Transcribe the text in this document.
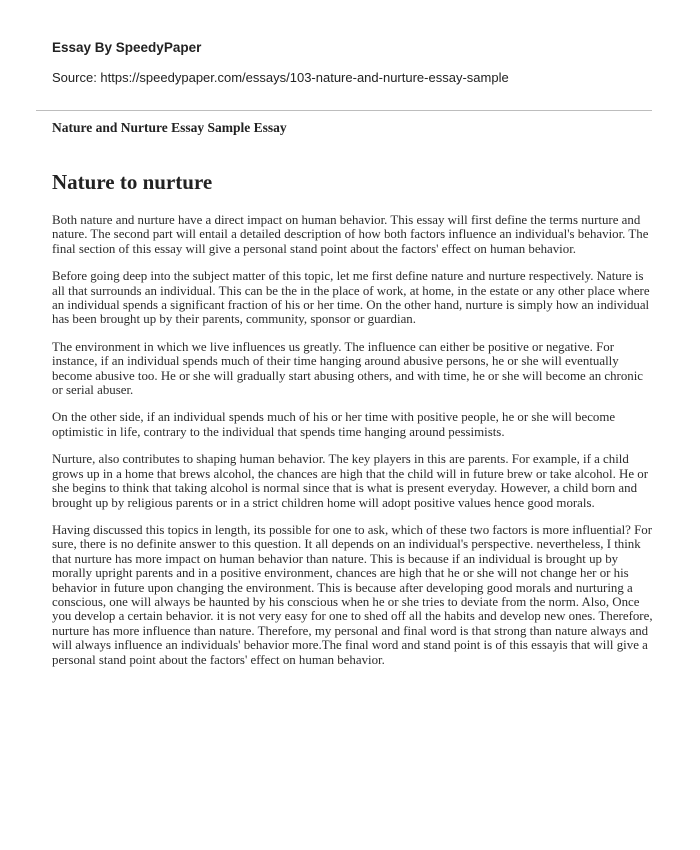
Essay By SpeedyPaper
Source: https://speedypaper.com/essays/103-nature-and-nurture-essay-sample
Nature and Nurture Essay Sample Essay
Nature to nurture

Both nature and nurture have a direct impact on human behavior. This essay will first define the terms nurture and nature. The second part will entail a detailed description of how both factors influence an individual's behavior. The final section of this essay will give a personal stand point about the factors' effect on human behavior.

Before going deep into the subject matter of this topic, let me first define nature and nurture respectively. Nature is all that surrounds an individual. This can be the in the place of work, at home, in the estate or any other place where an individual spends a significant fraction of his or her time. On the other hand, nurture is simply how an individual has been brought up by their parents, community, sponsor or guardian.

The environment in which we live influences us greatly. The influence can either be positive or negative. For instance, if an individual spends much of their time hanging around abusive persons, he or she will eventually become abusive too. He or she will gradually start abusing others, and with time, he or she will become an chronic or serial abuser.

On the other side, if an individual spends much of his or her time with positive people, he or she will become optimistic in life, contrary to the individual that spends time hanging around pessimists.

Nurture, also contributes to shaping human behavior. The key players in this are parents. For example, if a child grows up in a home that brews alcohol, the chances are high that the child will in future brew or take alcohol. He or she begins to think that taking alcohol is normal since that is what is present everyday. However, a child born and brought up by religious parents or in a strict children home will adopt positive values hence good morals.

Having discussed this topics in length, its possible for one to ask, which of these two factors is more influential? For sure, there is no definite answer to this question. It all depends on an individual's perspective. nevertheless, I think that nurture has more impact on human behavior than nature. This is because if an individual is brought up by morally upright parents and in a positive environment, chances are high that he or she will not change her or his behavior in future upon changing the environment. This is because after developing good morals and nurturing a conscious, one will always be haunted by his conscious when he or she tries to deviate from the norm. Also, Once you develop a certain behavior. it is not very easy for one to shed off all the habits and develop new ones. Therefore, nurture has more influence than nature. Therefore, my personal and final word is that strong than nature always and will always influence an individuals' behavior more.The final word and stand point is of this essayis that will give a personal stand point about the factors' effect on human behavior.
